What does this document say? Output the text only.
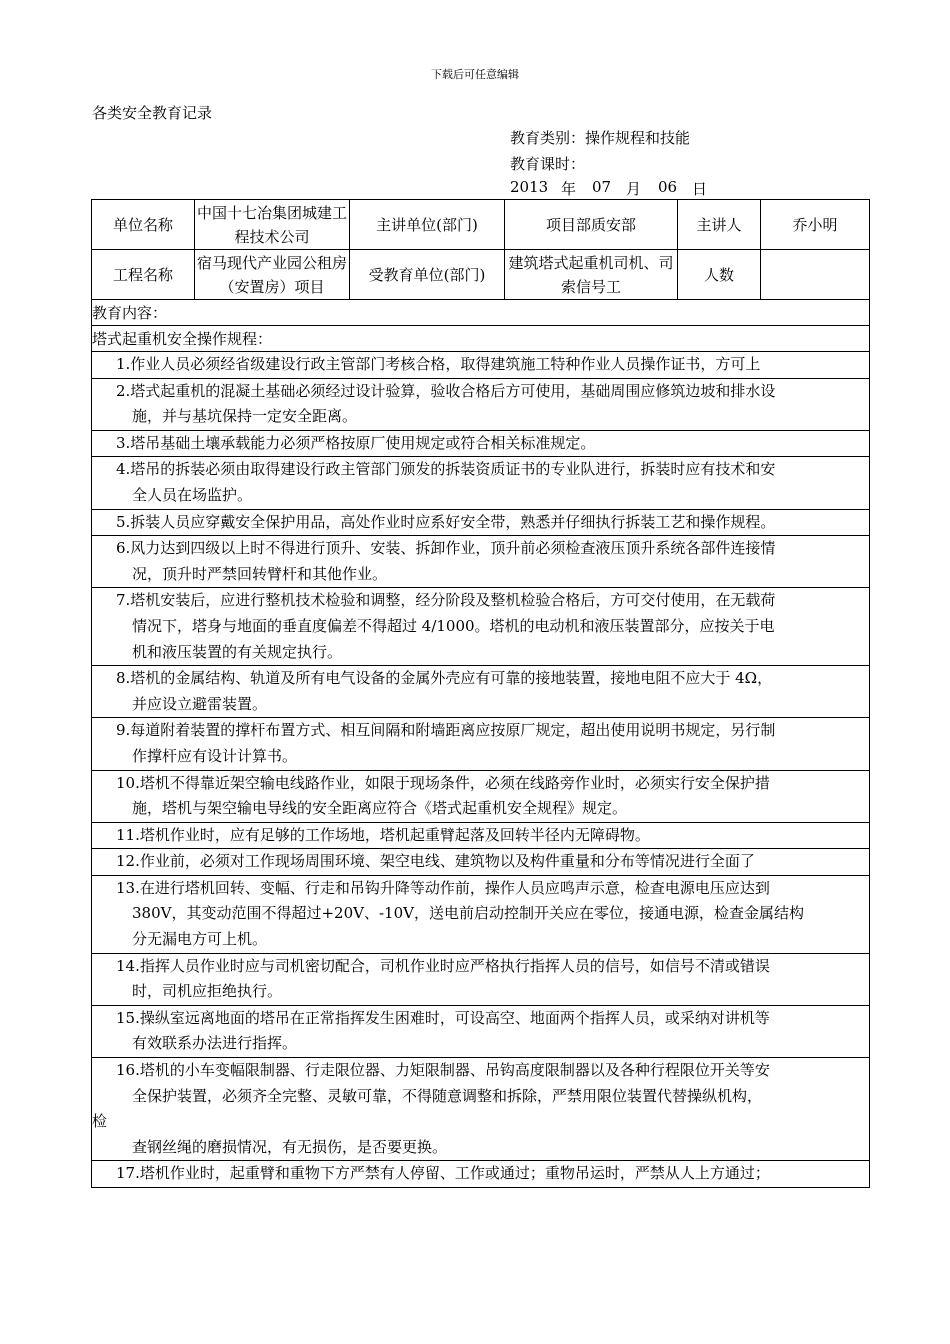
下载后可任意编辑
各类安全教育记录
教育类别：操作规程和技能
教育课时：
2013 年 07 月 06 日
单位名称	中国十七冶集团城建工程技术公司	主讲单位(部门)	项目部质安部	主讲人	乔小明
工程名称	宿马现代产业园公租房（安置房）项目	受教育单位(部门)	建筑塔式起重机司机、司索信号工	人数	
教育内容：					
塔式起重机安全操作规程：					

1.作业人员必须经省级建设行政主管部门考核合格，取得建筑施工特种作业人员操作证书，方可上					

2.塔式起重机的混凝土基础必须经过设计验算，验收合格后方可使用，基础周围应修筑边坡和排水设
施，并与基坑保持一定安全距离。					

3.塔吊基础土壤承载能力必须严格按原厂使用规定或符合相关标准规定。					

4.塔吊的拆装必须由取得建设行政主管部门颁发的拆装资质证书的专业队进行，拆装时应有技术和安
全人员在场监护。					

5.拆装人员应穿戴安全保护用品，高处作业时应系好安全带，熟悉并仔细执行拆装工艺和操作规程。					

6.风力达到四级以上时不得进行顶升、安装、拆卸作业，顶升前必须检查液压顶升系统各部件连接情
况，顶升时严禁回转臂杆和其他作业。					

7.塔机安装后，应进行整机技术检验和调整，经分阶段及整机检验合格后，方可交付使用，在无载荷
情况下，塔身与地面的垂直度偏差不得超过 4/1000。塔机的电动机和液压装置部分，应按关于电
机和液压装置的有关规定执行。					

8.塔机的金属结构、轨道及所有电气设备的金属外壳应有可靠的接地装置，接地电阻不应大于 4Ω，
并应设立避雷装置。					

9.每道附着装置的撑杆布置方式、相互间隔和附墙距离应按原厂规定，超出使用说明书规定，另行制
作撑杆应有设计计算书。					

10.塔机不得靠近架空输电线路作业，如限于现场条件，必须在线路旁作业时，必须实行安全保护措
施，塔机与架空输电导线的安全距离应符合《塔式起重机安全规程》规定。					

11.塔机作业时，应有足够的工作场地，塔机起重臂起落及回转半径内无障碍物。					

12.作业前，必须对工作现场周围环境、架空电线、建筑物以及构件重量和分布等情况进行全面了					

13.在进行塔机回转、变幅、行走和吊钩升降等动作前，操作人员应鸣声示意，检查电源电压应达到
380V，其变动范围不得超过+20V、-10V，送电前启动控制开关应在零位，接通电源，检查金属结构
分无漏电方可上机。					

14.指挥人员作业时应与司机密切配合，司机作业时应严格执行指挥人员的信号，如信号不清或错误
时，司机应拒绝执行。					

15.操纵室远离地面的塔吊在正常指挥发生困难时，可设高空、地面两个指挥人员，或采纳对讲机等
有效联系办法进行指挥。					

16.塔机的小车变幅限制器、行走限位器、力矩限制器、吊钩高度限制器以及各种行程限位开关等安
全保护装置，必须齐全完整、灵敏可靠，不得随意调整和拆除，严禁用限位装置代替操纵机构，
检
查钢丝绳的磨损情况，有无损伤，是否要更换。					

17.塔机作业时，起重臂和重物下方严禁有人停留、工作或通过；重物吊运时，严禁从人上方通过；					
